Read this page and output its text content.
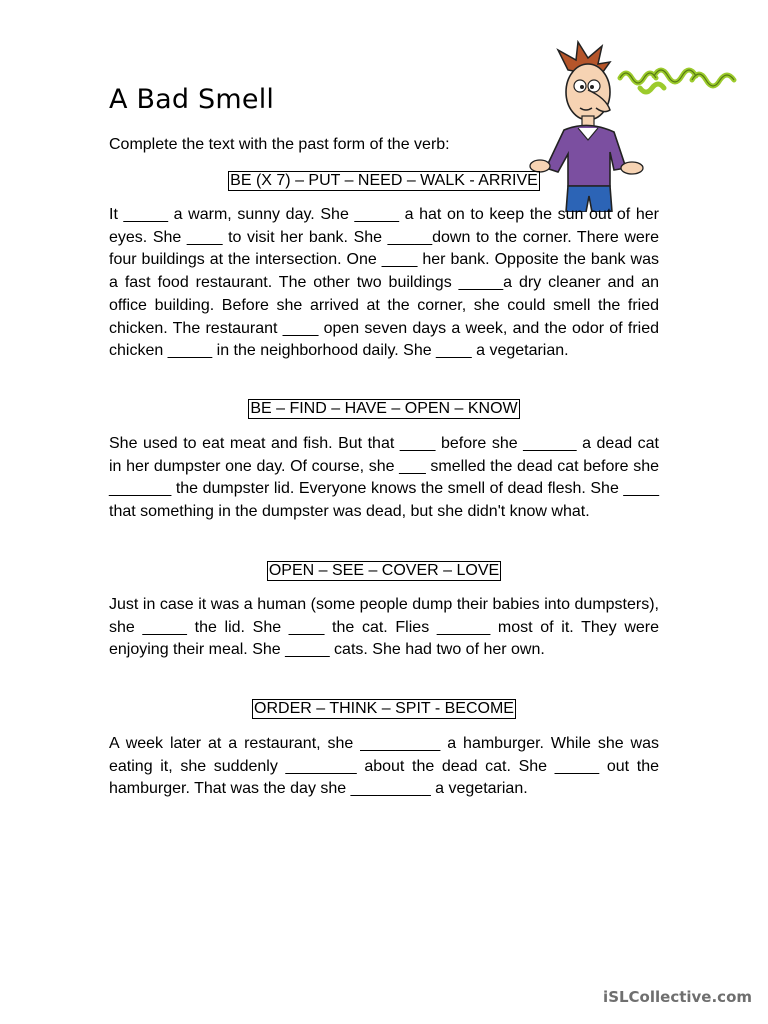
A Bad Smell

Complete the text with the past form of the verb:

BE (X 7) – PUT – NEED – WALK - ARRIVE

It _____ a warm, sunny day. She _____ a hat on to keep the sun out of her eyes. She ____ to visit her bank. She _____down to the corner. There were four buildings at the intersection. One ____ her bank. Opposite the bank was a fast food restaurant. The other two buildings _____a dry cleaner and an office building. Before she arrived at the corner, she could smell the fried chicken. The restaurant ____ open seven days a week, and the odor of fried chicken _____ in the neighborhood daily. She ____ a vegetarian.

BE – FIND – HAVE – OPEN – KNOW

She used to eat meat and fish. But that ____ before she ______ a dead cat in her dumpster one day. Of course, she ___ smelled the dead cat before she _______ the dumpster lid. Everyone knows the smell of dead flesh. She ____ that something in the dumpster was dead, but she didn't know what.

OPEN – SEE – COVER – LOVE

Just in case it was a human (some people dump their babies into dumpsters), she _____ the lid. She ____ the cat. Flies ______ most of it. They were enjoying their meal. She _____ cats. She had two of her own.

ORDER – THINK – SPIT - BECOME

A week later at a restaurant, she _________ a hamburger. While she was eating it, she suddenly ________ about the dead cat. She _____ out the hamburger. That was the day she _________ a vegetarian.

iSLCollective.com
